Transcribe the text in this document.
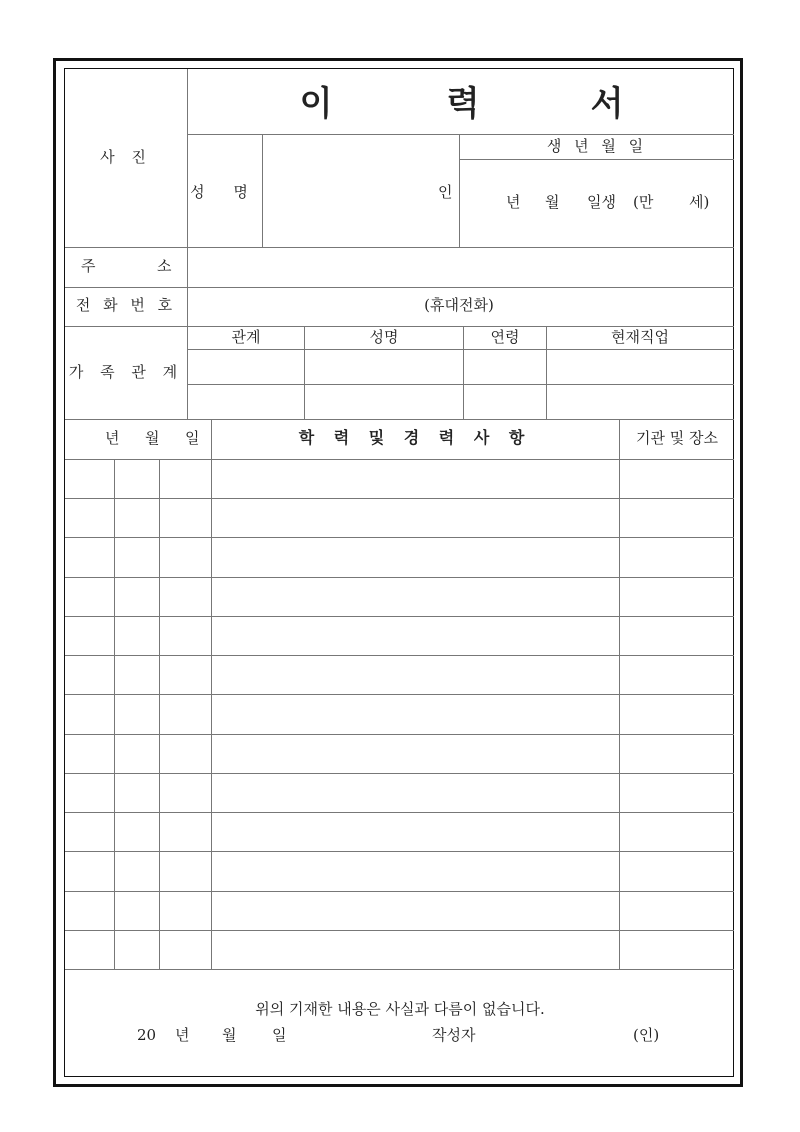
사 진
이	력	서
성 명	인
생 년 월 일
년 월 일생 (만 세)
주	소
전 화 번 호	(휴대전화)
가 족 관 계
관계	성명	연령	현재직업
년 월 일	학 력 및 경 력 사 항	기관 및 장소
위의 기재한 내용은 사실과 다름이 없습니다.
20 년 월 일	작성자	(인)
